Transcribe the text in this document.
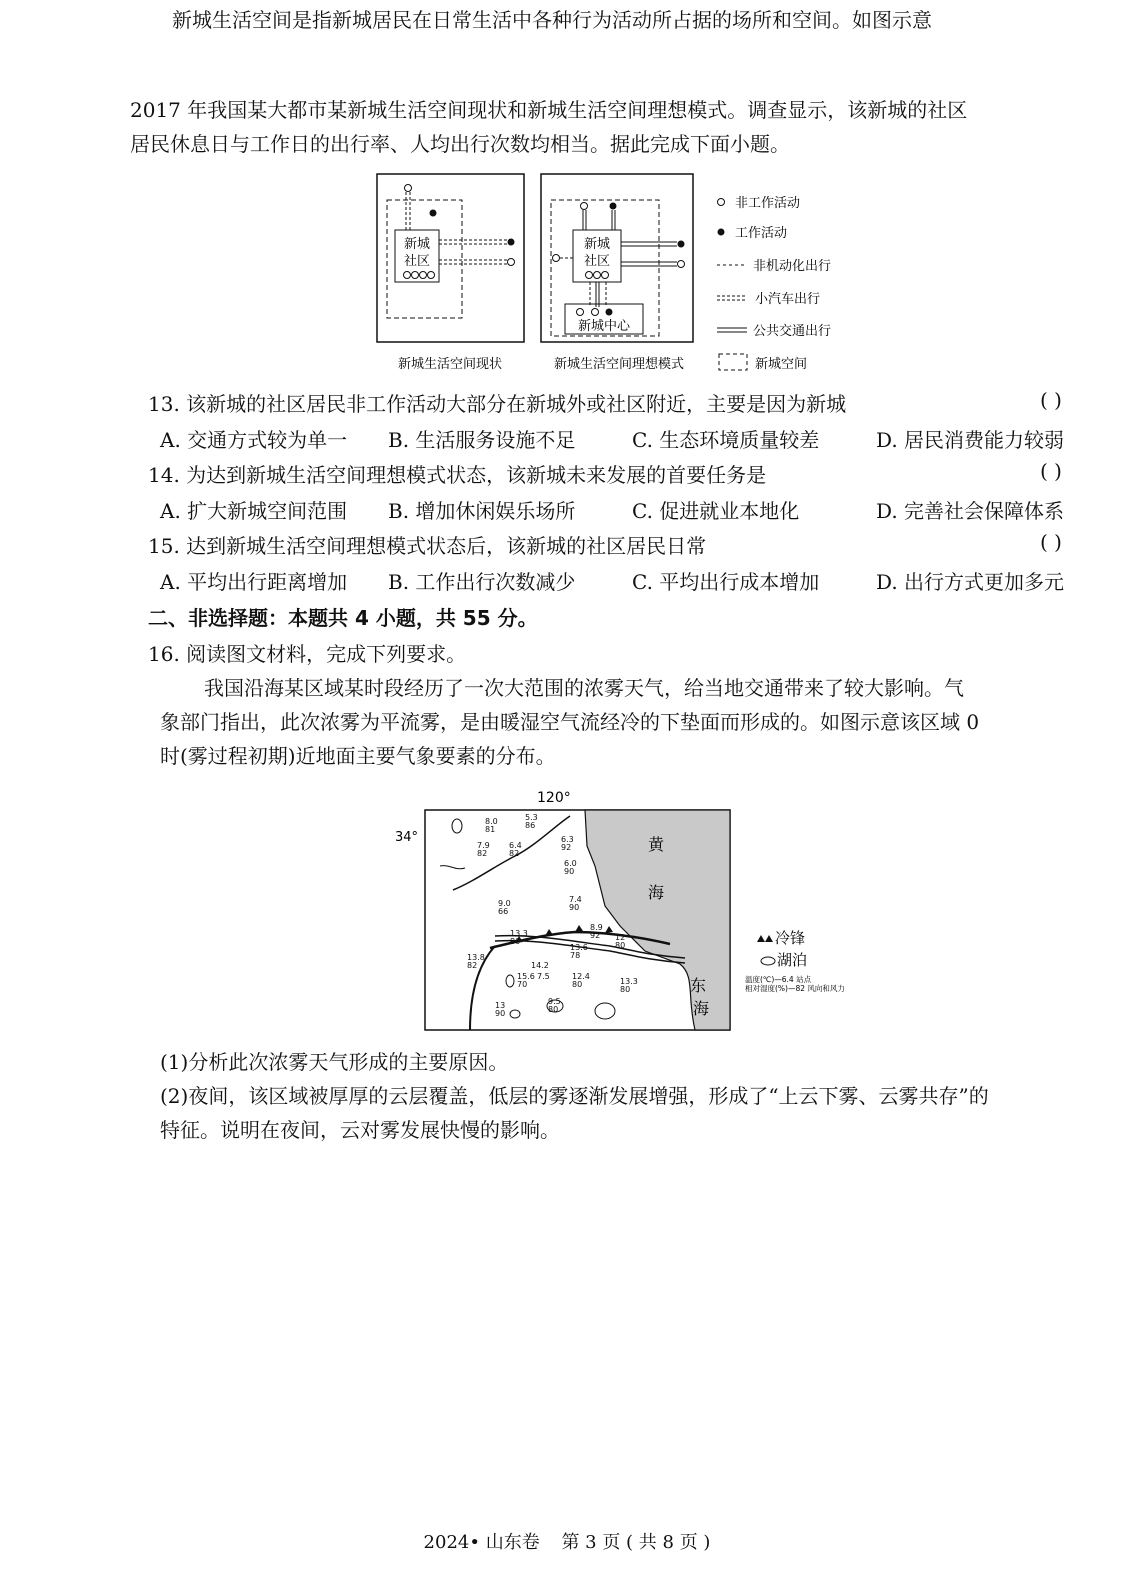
新城生活空间是指新城居民在日常生活中各种行为活动所占据的场所和空间。如图示意
2017 年我国某大都市某新城生活空间现状和新城生活空间理想模式。调查显示，该新城的社区
居民休息日与工作日的出行率、人均出行次数均相当。据此完成下面小题。
新城
社区
新城
社区
新城中心
新城生活空间现状	新城生活空间理想模式
非工作活动
工作活动
非机动化出行
小汽车出行
公共交通出行
新城空间
13. 该新城的社区居民非工作活动大部分在新城外或社区附近，主要是因为新城	( )
A. 交通方式较为单一 B. 生活服务设施不足	C. 生态环境质量较差	D. 居民消费能力较弱
14. 为达到新城生活空间理想模式状态，该新城未来发展的首要任务是	( )
A. 扩大新城空间范围 B. 增加休闲娱乐场所	C. 促进就业本地化	D. 完善社会保障体系
15. 达到新城生活空间理想模式状态后，该新城的社区居民日常	( )
A. 平均出行距离增加 B. 工作出行次数减少	C. 平均出行成本增加	D. 出行方式更加多元
二、非选择题：本题共 4 小题，共 55 分。
16. 阅读图文材料，完成下列要求。
我国沿海某区域某时段经历了一次大范围的浓雾天气，给当地交通带来了较大影响。气
象部门指出，此次浓雾为平流雾，是由暖湿空气流经冷的下垫面而形成的。如图示意该区域 0
时(雾过程初期)近地面主要气象要素的分布。
120°
34°	黄
海
东
海
8.0
81
5.3
86
7.9
82
6.4
82
6.3
92
6.0
90
7.4
90
9.0
66
13.3
80
8.9
92 12
80
13.6
78
13.8
82	14.2
15.6
70
7.5	12.4
80	13.3
80
9.5
80
13
90
冷锋
湖泊
温度(℃)—6.4 站点
相对湿度(%)—82 风向和风力
(1)分析此次浓雾天气形成的主要原因。
(2)夜间，该区域被厚厚的云层覆盖，低层的雾逐渐发展增强，形成了“上云下雾、云雾共存”的
特征。说明在夜间，云对雾发展快慢的影响。
2024• 山东卷 第 3 页 ( 共 8 页 )
